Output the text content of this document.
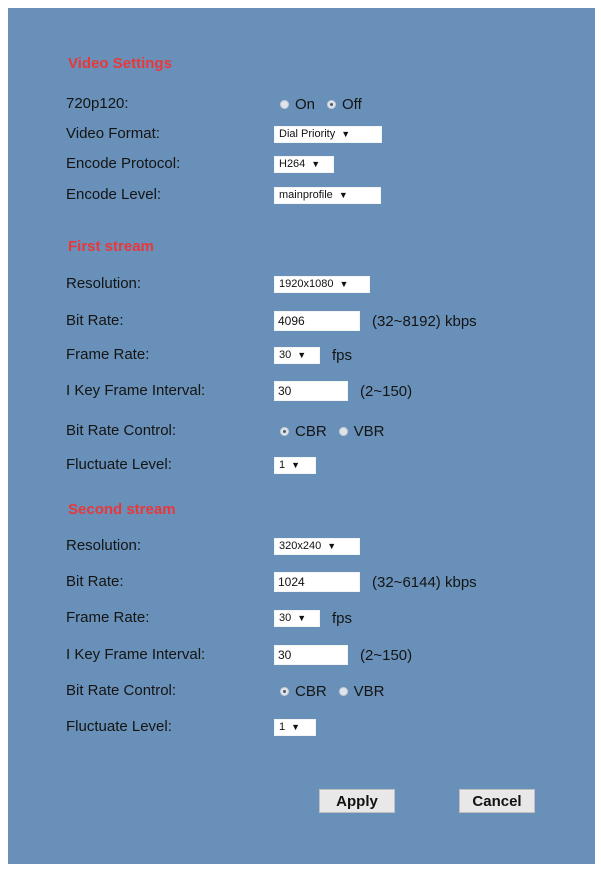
Video Settings
720p120:	On Off
Video Format:	Dial Priority ▼
Encode Protocol:	H264 ▼
Encode Level:	mainprofile ▼
First stream
Resolution:	1920x1080 ▼
Bit Rate:	4096	(32~8192) kbps
Frame Rate:	30 ▼ fps
I Key Frame Interval:	30	(2~150)
Bit Rate Control:	CBR VBR
Fluctuate Level:	1 ▼
Second stream
Resolution:	320x240 ▼
Bit Rate:	1024	(32~6144) kbps
Frame Rate:	30 ▼ fps
I Key Frame Interval:	30	(2~150)
Bit Rate Control:	CBR VBR
Fluctuate Level:	1 ▼
Apply	Cancel
